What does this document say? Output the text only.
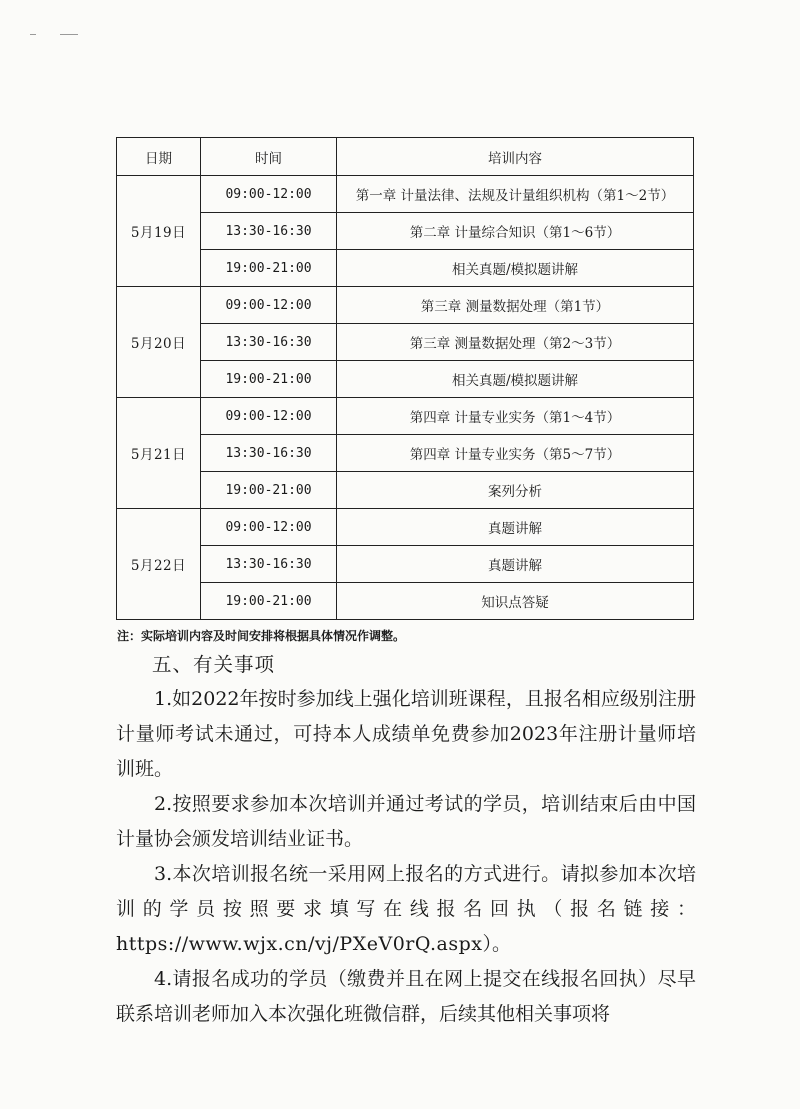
日期	时间	培训内容
5月19日	09:00-12:00	第一章 计量法律、法规及计量组织机构（第1～2节）
	13:30-16:30	第二章 计量综合知识（第1～6节）
	19:00-21:00	相关真题/模拟题讲解
5月20日	09:00-12:00	第三章 测量数据处理（第1节）
	13:30-16:30	第三章 测量数据处理（第2～3节）
	19:00-21:00	相关真题/模拟题讲解
5月21日	09:00-12:00	第四章 计量专业实务（第1～4节）
	13:30-16:30	第四章 计量专业实务（第5～7节）
	19:00-21:00	案列分析
5月22日	09:00-12:00	真题讲解
	13:30-16:30	真题讲解
	19:00-21:00	知识点答疑
注：实际培训内容及时间安排将根据具体情况作调整。
五、有关事项

1.如2022年按时参加线上强化培训班课程，且报名相应级别注册计量师考试未通过，可持本人成绩单免费参加2023年注册计量师培训班。

2.按照要求参加本次培训并通过考试的学员，培训结束后由中国计量协会颁发培训结业证书。

3.本次培训报名统一采用网上报名的方式进行。请拟参加本次培训的学员按照要求填写在线报名回执（报名链接：https://www.wjx.cn/vj/PXeV0rQ.aspx）。

4.请报名成功的学员（缴费并且在网上提交在线报名回执）尽早联系培训老师加入本次强化班微信群，后续其他相关事项将
